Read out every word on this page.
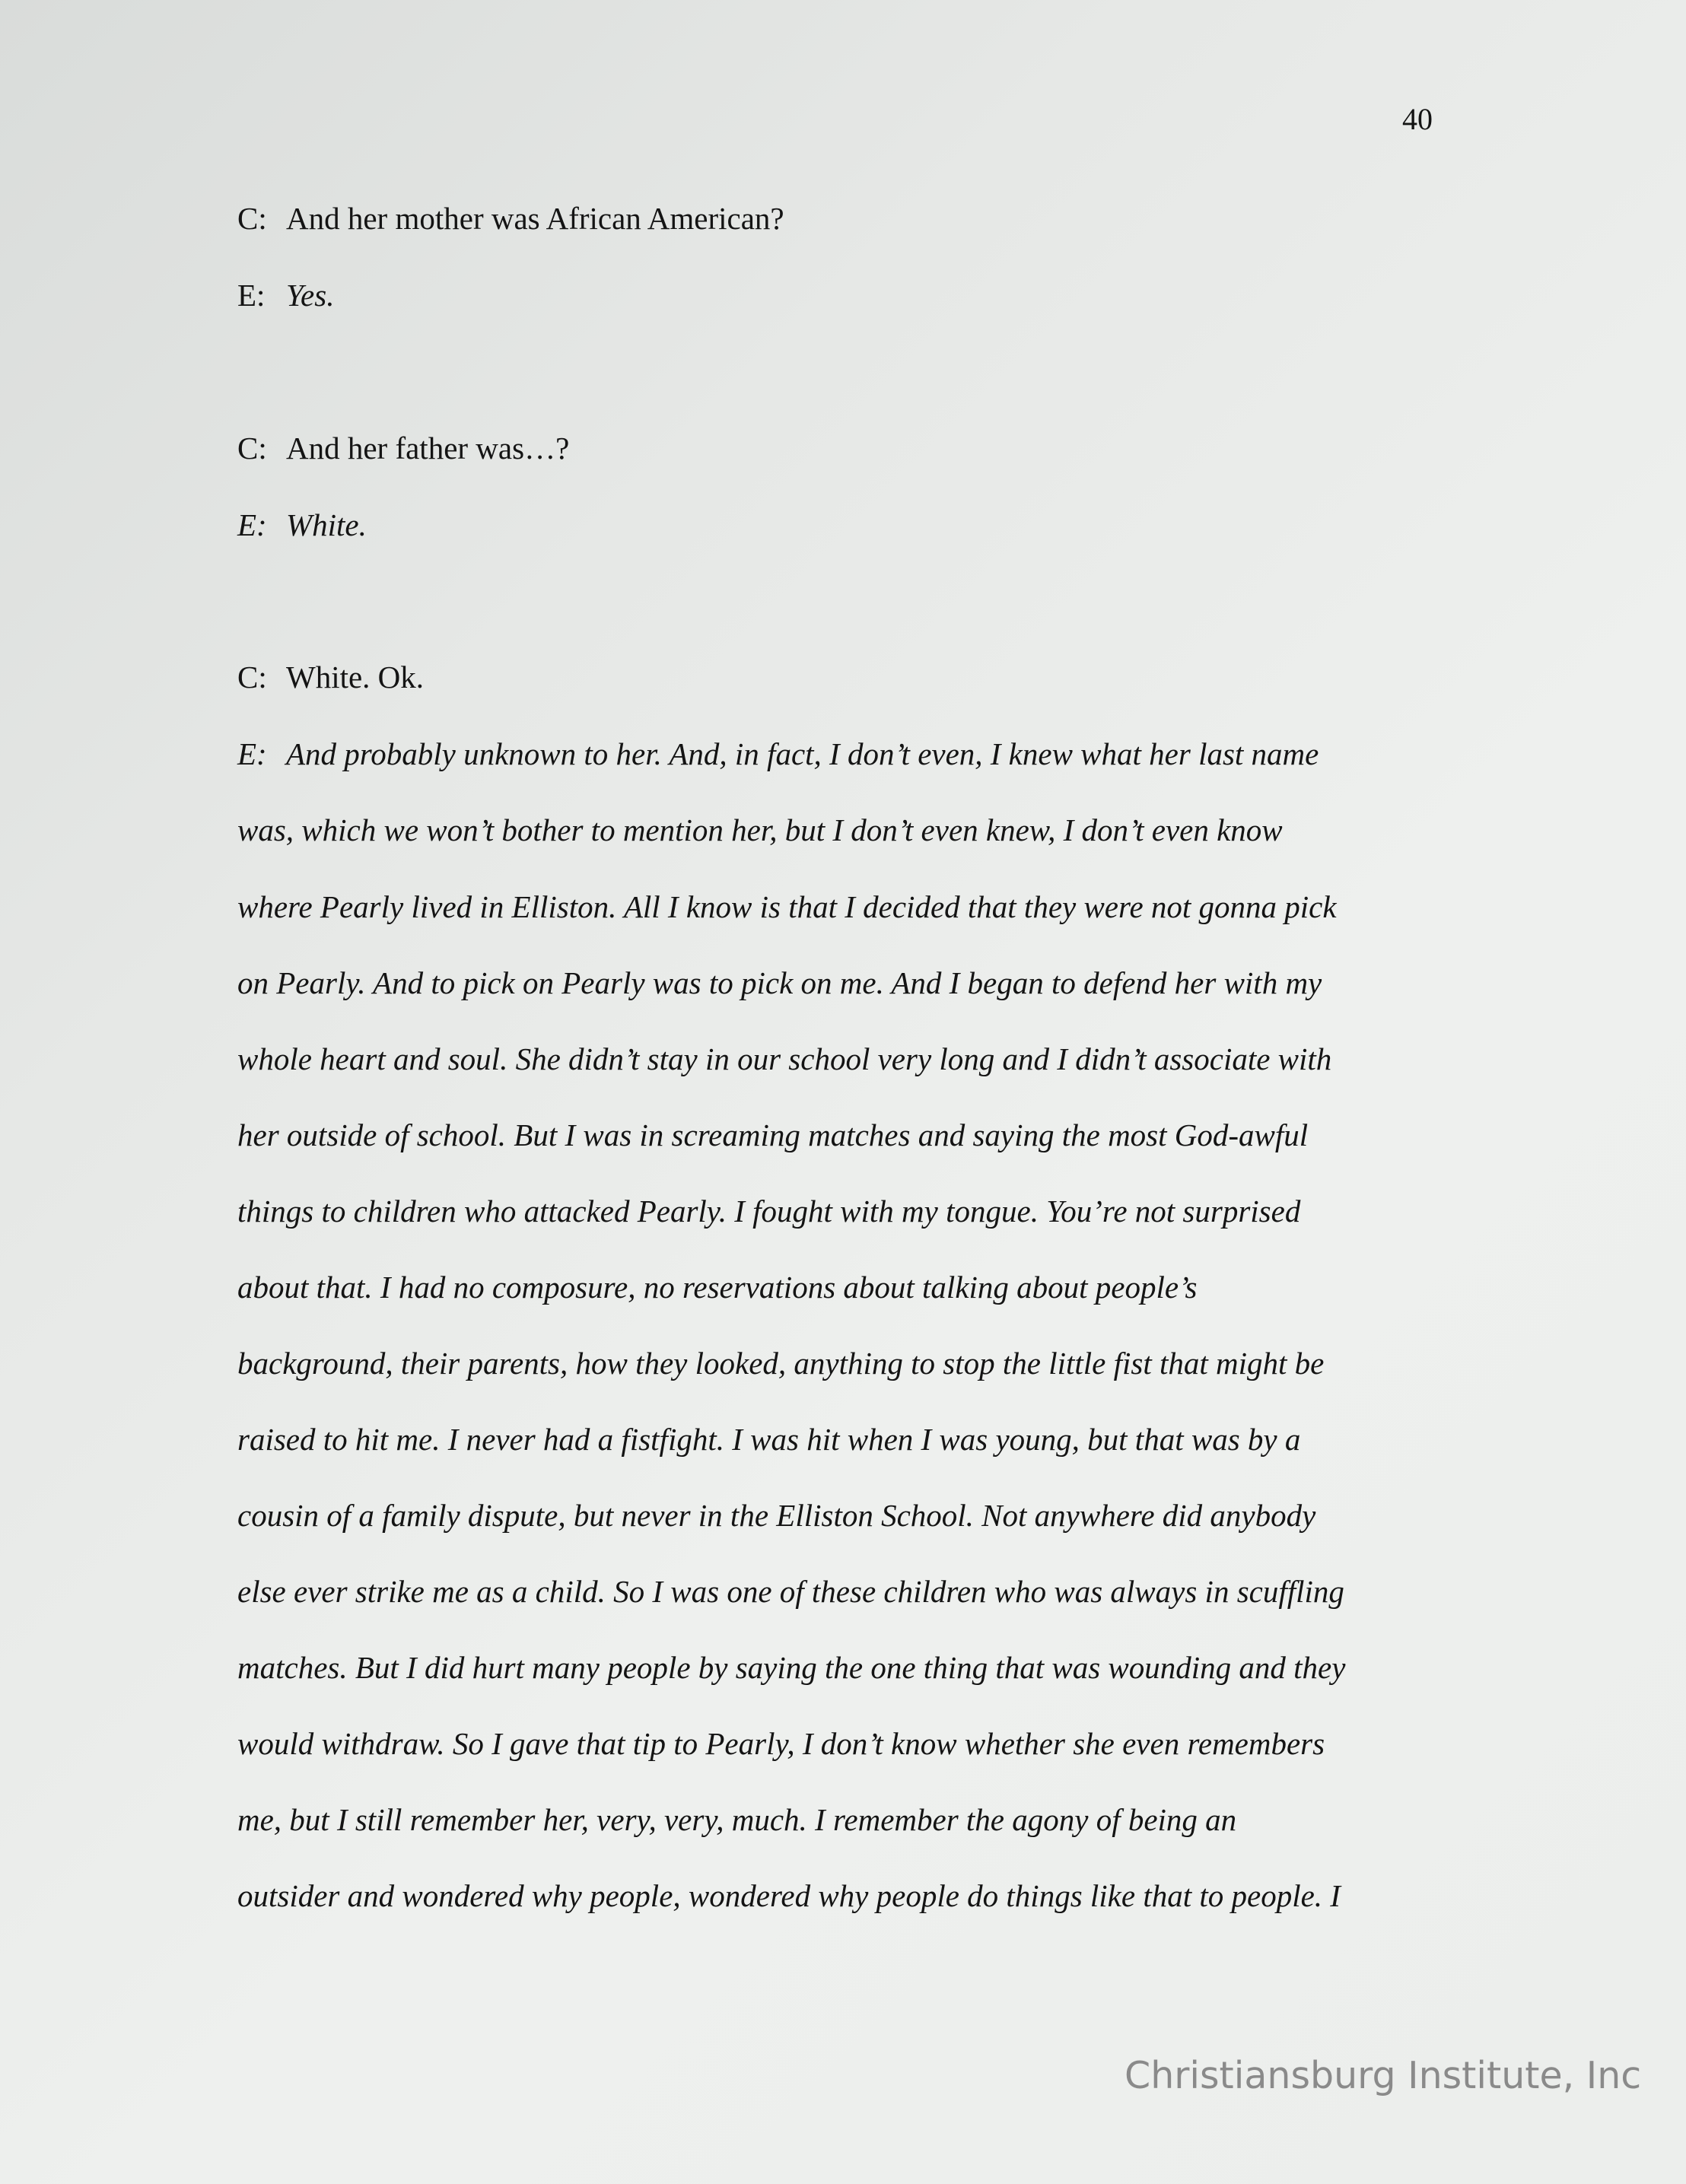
40
C: And her mother was African American?
E: Yes.
C: And her father was…?
E: White.
C: White. Ok.
E: And probably unknown to her. And, in fact, I don’t even, I knew what her last name
was, which we won’t bother to mention her, but I don’t even knew, I don’t even know
where Pearly lived in Elliston. All I know is that I decided that they were not gonna pick
on Pearly. And to pick on Pearly was to pick on me. And I began to defend her with my
whole heart and soul. She didn’t stay in our school very long and I didn’t associate with
her outside of school. But I was in screaming matches and saying the most God-awful
things to children who attacked Pearly. I fought with my tongue. You’re not surprised
about that. I had no composure, no reservations about talking about people’s
background, their parents, how they looked, anything to stop the little fist that might be
raised to hit me. I never had a fistfight. I was hit when I was young, but that was by a
cousin of a family dispute, but never in the Elliston School. Not anywhere did anybody
else ever strike me as a child. So I was one of these children who was always in scuffling
matches. But I did hurt many people by saying the one thing that was wounding and they
would withdraw. So I gave that tip to Pearly, I don’t know whether she even remembers
me, but I still remember her, very, very, much. I remember the agony of being an
outsider and wondered why people, wondered why people do things like that to people. I
Christiansburg Institute, Inc
